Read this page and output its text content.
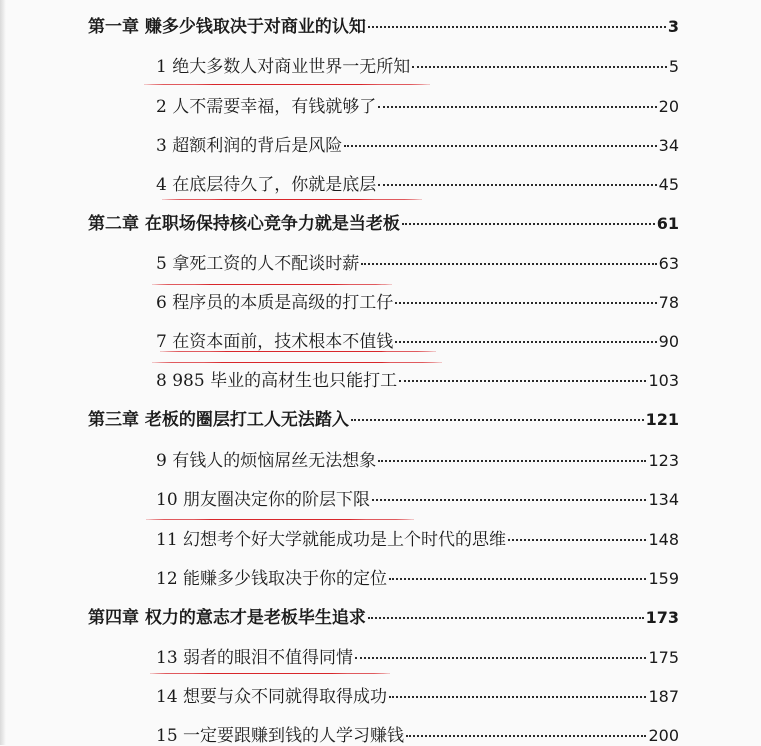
第一章 赚多少钱取决于对商业的认知	3
1 绝大多数人对商业世界一无所知	5
2 人不需要幸福，有钱就够了	20
3 超额利润的背后是风险	34
4 在底层待久了，你就是底层	45
第二章 在职场保持核心竞争力就是当老板	61
5 拿死工资的人不配谈时薪	63
6 程序员的本质是高级的打工仔	78
7 在资本面前，技术根本不值钱	90
8 985 毕业的高材生也只能打工	103
第三章 老板的圈层打工人无法踏入	121
9 有钱人的烦恼屌丝无法想象	123
10 朋友圈决定你的阶层下限	134
11 幻想考个好大学就能成功是上个时代的思维	148
12 能赚多少钱取决于你的定位	159
第四章 权力的意志才是老板毕生追求	173
13 弱者的眼泪不值得同情	175
14 想要与众不同就得取得成功	187
15 一定要跟赚到钱的人学习赚钱	200
